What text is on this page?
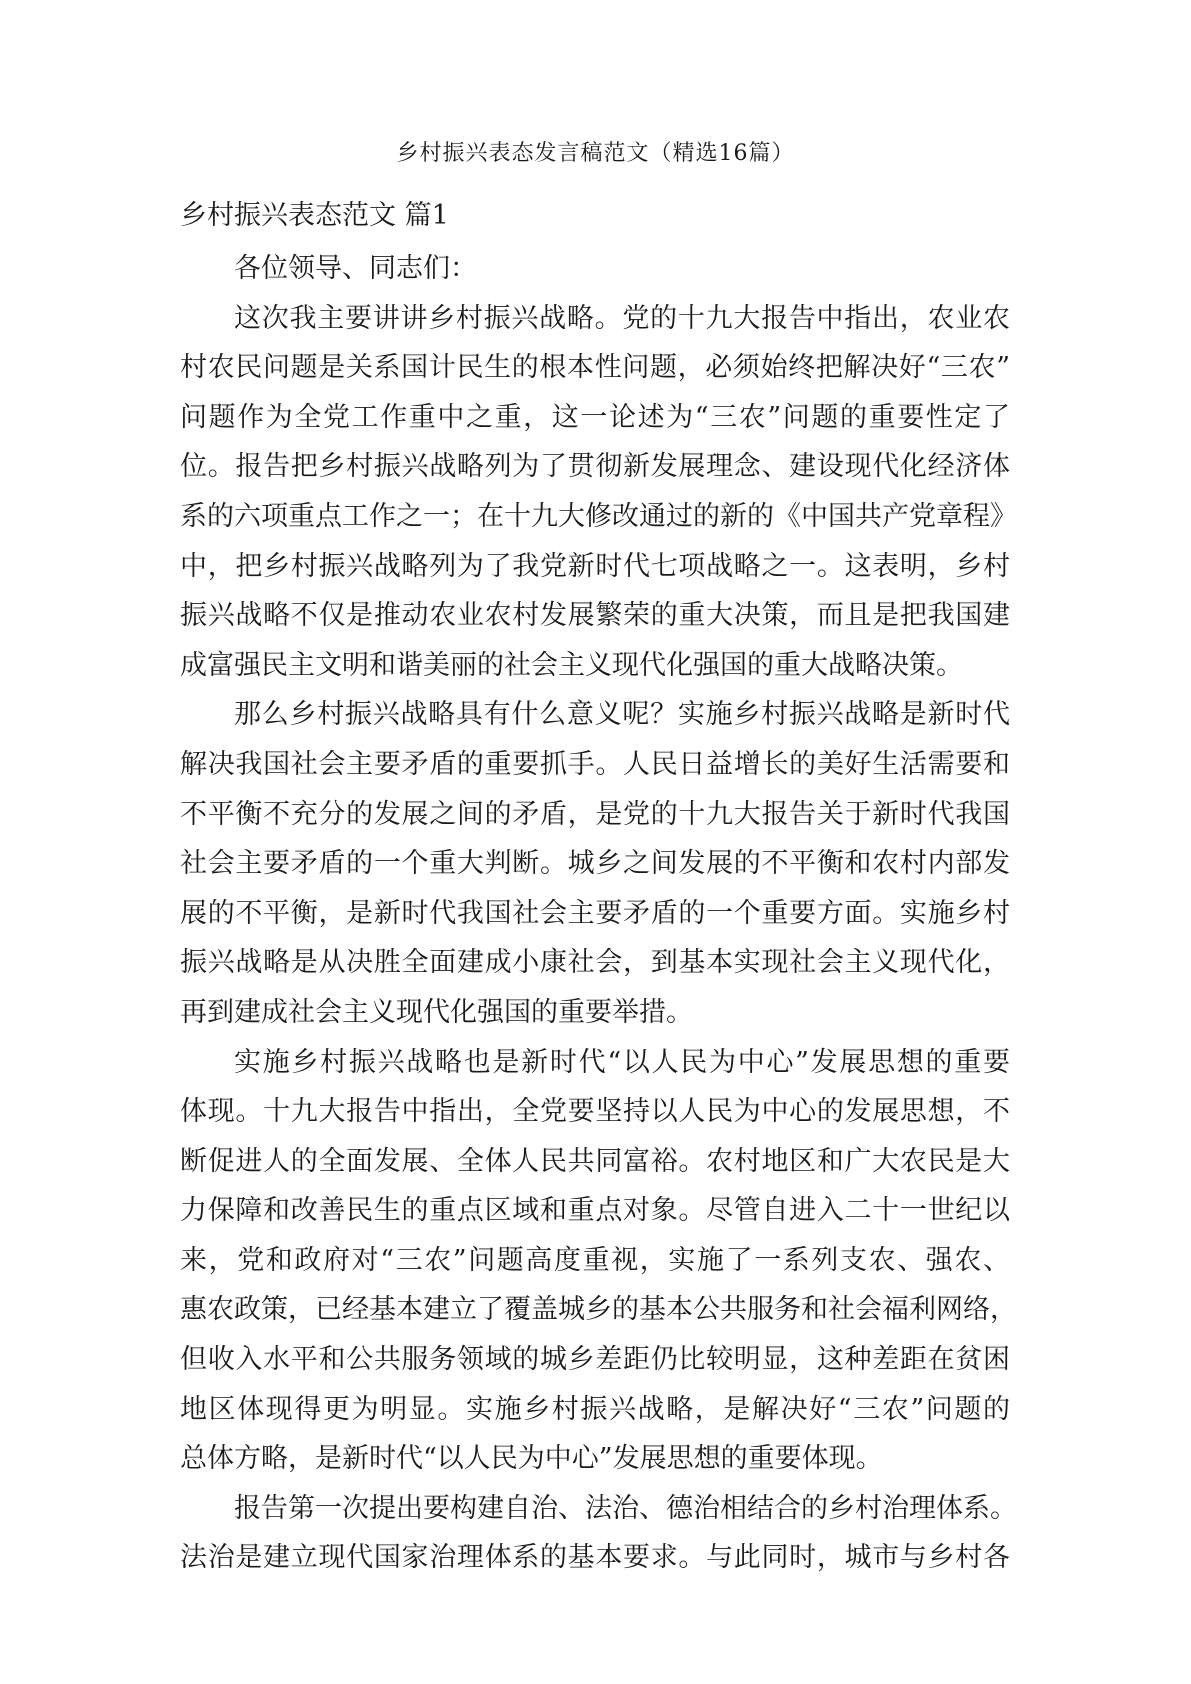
乡村振兴表态发言稿范文（精选16篇）
乡村振兴表态范文 篇1
各位领导、同志们：
这次我主要讲讲乡村振兴战略。党的十九大报告中指出，农业农
村农民问题是关系国计民生的根本性问题，必须始终把解决好“三农”
问题作为全党工作重中之重，这一论述为“三农”问题的重要性定了
位。报告把乡村振兴战略列为了贯彻新发展理念、建设现代化经济体
系的六项重点工作之一；在十九大修改通过的新的《中国共产党章程》
中，把乡村振兴战略列为了我党新时代七项战略之一。这表明，乡村
振兴战略不仅是推动农业农村发展繁荣的重大决策，而且是把我国建
成富强民主文明和谐美丽的社会主义现代化强国的重大战略决策。
那么乡村振兴战略具有什么意义呢？实施乡村振兴战略是新时代
解决我国社会主要矛盾的重要抓手。人民日益增长的美好生活需要和
不平衡不充分的发展之间的矛盾，是党的十九大报告关于新时代我国
社会主要矛盾的一个重大判断。城乡之间发展的不平衡和农村内部发
展的不平衡，是新时代我国社会主要矛盾的一个重要方面。实施乡村
振兴战略是从决胜全面建成小康社会，到基本实现社会主义现代化，
再到建成社会主义现代化强国的重要举措。
实施乡村振兴战略也是新时代“以人民为中心”发展思想的重要
体现。十九大报告中指出，全党要坚持以人民为中心的发展思想，不
断促进人的全面发展、全体人民共同富裕。农村地区和广大农民是大
力保障和改善民生的重点区域和重点对象。尽管自进入二十一世纪以
来，党和政府对“三农”问题高度重视，实施了一系列支农、强农、
惠农政策，已经基本建立了覆盖城乡的基本公共服务和社会福利网络，
但收入水平和公共服务领域的城乡差距仍比较明显，这种差距在贫困
地区体现得更为明显。实施乡村振兴战略，是解决好“三农”问题的
总体方略，是新时代“以人民为中心”发展思想的重要体现。
报告第一次提出要构建自治、法治、德治相结合的乡村治理体系。
法治是建立现代国家治理体系的基本要求。与此同时，城市与乡村各
